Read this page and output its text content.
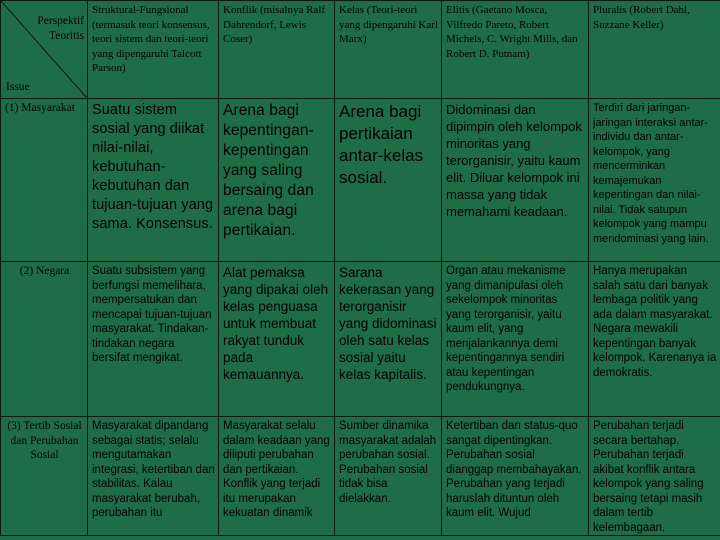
Perspektif Teoritis
Issue	Struktural-Fungsional (termasuk teori konsensus, teori sistem dan teori-teori yang dipengaruhi Talcott Parson)	Konflik (misalnya Ralf Dahrendorf, Lewis Coser)	Kelas (Teori-teori yang dipengaruhi Karl Marx)	Elitis (Gaetano Mosca, Vilfredo Pareto, Robert Michels, C. Wright Mills, dan Robert D. Putnam)	Pluralis (Robert Dahl, Suzzane Keller)
(1) Masyarakat	Suatu sistem sosial yang diikat nilai-nilai, kebutuhan-kebutuhan dan tujuan-tujuan yang sama. Konsensus.	Arena bagi kepentingan-kepentingan yang saling bersaing dan arena bagi pertikaian.	Arena bagi pertikaian antar-kelas sosial.	Didominasi dan dipimpin oleh kelompok minoritas yang terorganisir, yaitu kaum elit. Diluar kelompok ini massa yang tidak memahami keadaan.	Terdiri dari jaringan-jaringan interaksi antar-individu dan antar-kelompok, yang mencerminkan kemajemukan kepentingan dan nilai-nilai. Tidak satupun kelompok yang mampu mendominasi yang lain.
(2) Negara	Suatu subsistem yang berfungsi memelihara, mempersatukan dan mencapai tujuan-tujuan masyarakat. Tindakan-tindakan negara bersifat mengikat.	Alat pemaksa yang dipakai oleh kelas penguasa untuk membuat rakyat tunduk pada kemauannya.	Sarana kekerasan yang terorganisir yang didominasi oleh satu kelas sosial yaitu kelas kapitalis.	Organ atau mekanisme yang dimanipulasi oleh sekelompok minoritas yang terorganisir, yaitu kaum elit, yang menjalankannya demi kepentingannya sendiri atau kepentingan pendukungnya.	Hanya merupakan salah satu dari banyak lembaga politik yang ada dalam masyarakat. Negara mewakili kepentingan banyak kelompok. Karenanya ia demokratis.
(3) Tertib Sosial dan Perubahan Sosial	Masyarakat dipandang sebagai statis; selalu mengutamakan integrasi, ketertiban dan stabilitas. Kalau masyarakat berubah, perubahan itu	Masyarakat selalu dalam keadaan yang diliputi perubahan dan pertikaian. Konflik yang terjadi itu merupakan kekuatan dinamik	Sumber dinamika masyarakat adalah perubahan sosial. Perubahan sosial tidak bisa dielakkan.	Ketertiban dan status-quo sangat dipentingkan. Perubahan sosial dianggap membahayakan. Perubahan yang terjadi haruslah dituntun oleh kaum elit. Wujud	Perubahan terjadi secara bertahap. Perubahan terjadi akibat konflik antara kelompok yang saling bersaing tetapi masih dalam tertib kelembagaan.
